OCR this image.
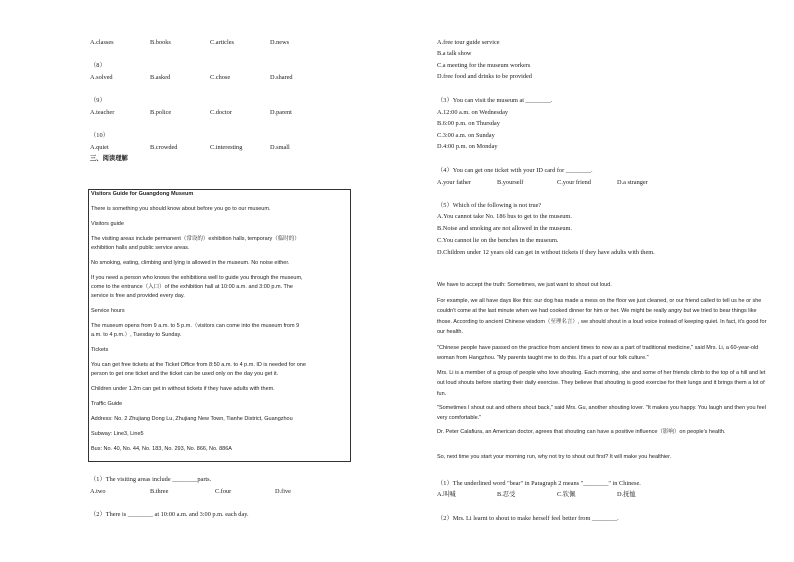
A.classes	B.books	C.articles	D.news
（8）
A.solved	B.asked	C.chose	D.shared
（9）
A.teacher	B.police	C.doctor	D.parent
（10）
A.quiet	B.crowded	C.interesting	D.small
三、阅读理解
Visitors Guide for Guangdong Museum
There is something you should know about before you go to our museum.
Visitors guide
The visiting areas include permanent（常设的）exhibition halls, temporary（临时的）
exhibition halls and public service areas.
No smoking, eating, climbing and lying is allowed in the museum. No noise either.
If you need a person who knows the exhibitions well to guide you through the museum,
come to the entrance（入口）of the exhibition hall at 10:00 a.m. and 3:00 p.m. The
service is free and provided every day.
Service hours
The museum opens from 9 a.m. to 5 p.m.（visitors can come into the museum from 9
a.m. to 4 p.m.）, Tuesday to Sunday.
Tickets
You can get free tickets at the Ticket Office from 8:50 a.m. to 4 p.m. ID is needed for one
person to get one ticket and the ticket can be used only on the day you get it.
Children under 1.2m can get in without tickets if they have adults with them.
Traffic Guide
Address: No. 2 Zhujiang Dong Lu, Zhujiang New Town, Tianhe District, Guangzhou
Subway: Line3, Line5
Bus: No. 40, No. 44, No. 183, No. 293, No. 866, No. 886A
（1）The visiting areas include ________parts.
A.two	B.three	C.four	D.five
（2）There is ________ at 10:00 a.m. and 3:00 p.m. each day.
A.free tour guide service
B.a talk show
C.a meeting for the museum workers
D.free food and drinks to be provided
（3）You can visit the museum at ________.
A.12:00 a.m. on Wednesday
B.6:00 p.m. on Thursday
C.3:00 a.m. on Sunday
D.4:00 p.m. on Monday
（4）You can get one ticket with your ID card for ________.
A.your father	B.yourself	C.your friend	D.a stranger
（5）Which of the following is not true?
A.You cannot take No. 186 bus to get to the museum.
B.Noise and smoking are not allowed in the museum.
C.You cannot lie on the benches in the museum.
D.Children under 12 years old can get in without tickets if they have adults with them.
We have to accept the truth: Sometimes, we just want to shout out loud.
For example, we all have days like this: our dog has made a mess on the floor we just cleaned, or our friend called to tell us he or she couldn't come at the last minute when we had cooked dinner for him or her. We might be really angry but we tried to bear things like those. According to ancient Chinese wisdom（至理名言）, we should shout in a loud voice instead of keeping quiet. In fact, it's good for our health.
"Chinese people have passed on the practice from ancient times to now as a part of traditional medicine," said Mrs. Li, a 60-year-old woman from Hangzhou. "My parents taught me to do this. It's a part of our folk culture."
Mrs. Li is a member of a group of people who love shouting. Each morning, she and some of her friends climb to the top of a hill and let out loud shouts before starting their daily exercise. They believe that shouting is good exercise for their lungs and it brings them a lot of fun.
"Sometimes I shout out and others shout back," said Mrs. Gu, another shouting lover. "It makes you happy. You laugh and then you feel very comfortable."
Dr. Peter Calafiura, an American doctor, agrees that shouting can have a positive influence（影响）on people's health.
So, next time you start your morning run, why not try to shout out first? It will make you healthier.
（1）The underlined word "bear" in Paragraph 2 means "________" in Chinese.
A.叫喊	B.忍受	C.钦佩	D.抚恤
（2）Mrs. Li learnt to shout to make herself feel better from ________.
